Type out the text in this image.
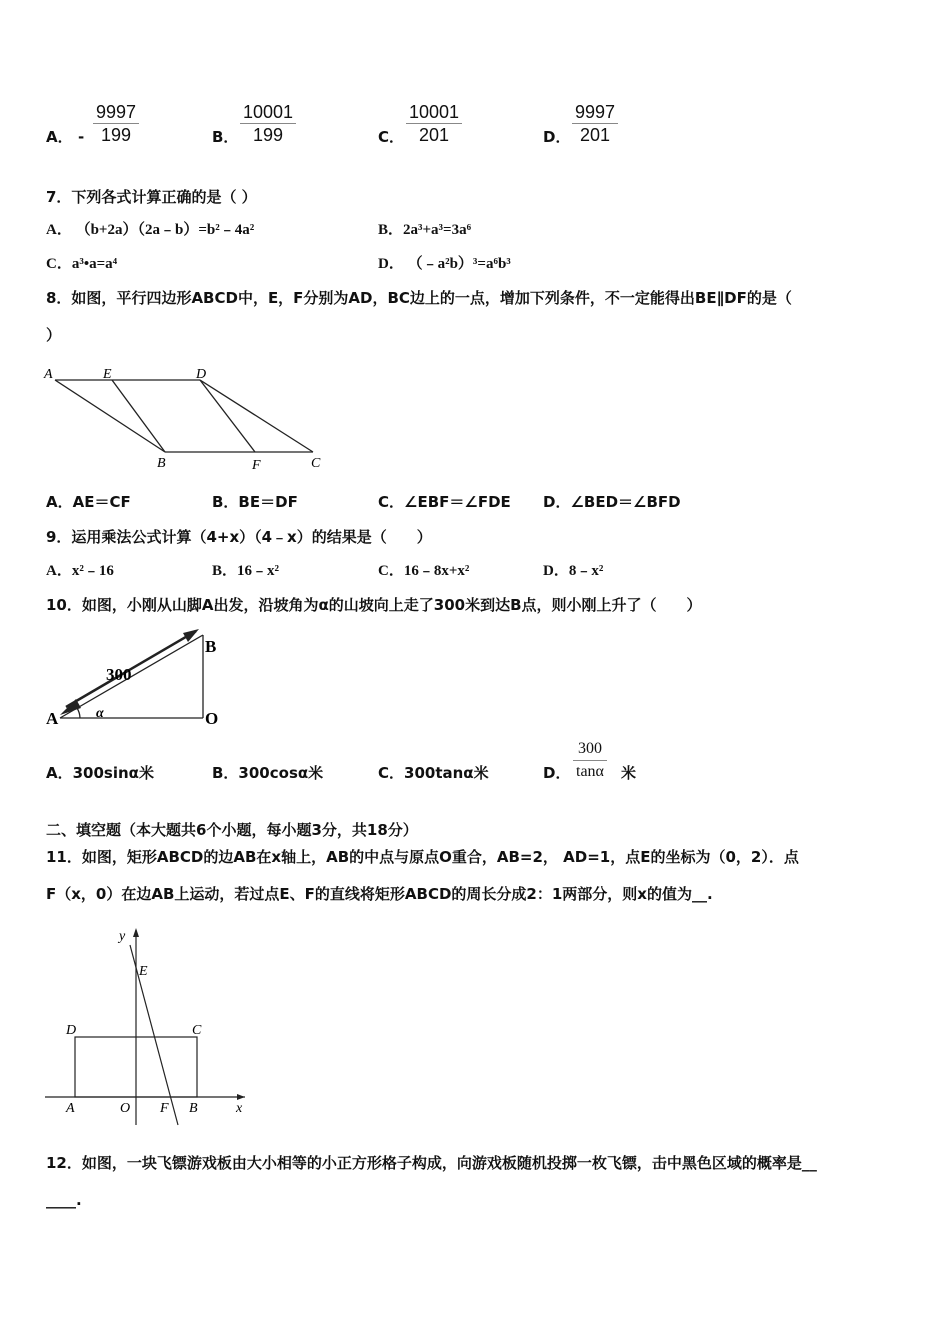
A． - $\frac{9997}{199}$	B． $\frac{10001}{199}$	C． $\frac{10001}{201}$	D． $\frac{9997}{201}$
7．下列各式计算正确的是（ ）
A． （b+2a）（2a﹣b）=b²﹣4a²	B．2a³+a³=3a⁶
C．a³•a=a⁴	D． （﹣a²b）³=a⁶b³
8．如图，平行四边形ABCD中，E，F分别为AD，BC边上的一点，增加下列条件，不一定能得出BE∥DF的是（
）
A	E	D
B	F	C
A
B
O
300
α
y
x
E
D	C
A	O F B
A．AE＝CF	B．BE＝DF	C．∠EBF＝∠FDE D．∠BED＝∠BFD
9．运用乘法公式计算（4+x）（4﹣x）的结果是（　　）
A．x²﹣16	B．16﹣x²	C．16﹣8x+x²	D．8﹣x²
10．如图，小刚从山脚A出发，沿坡角为α的山坡向上走了300米到达B点，则小刚上升了（　　）
A．300sinα米	B．300cosα米	C．300tanα米	D． $\frac{300}{\tan\alpha}$ 米
二、填空题（本大题共6个小题，每小题3分，共18分）
11．如图，矩形ABCD的边AB在x轴上，AB的中点与原点O重合，AB=2， AD=1，点E的坐标为（0，2）．点
F（x，0）在边AB上运动，若过点E、F的直线将矩形ABCD的周长分成2：1两部分，则x的值为__.
12．如图，一块飞镖游戏板由大小相等的小正方形格子构成，向游戏板随机投掷一枚飞镖，击中黑色区域的概率是__
____.
